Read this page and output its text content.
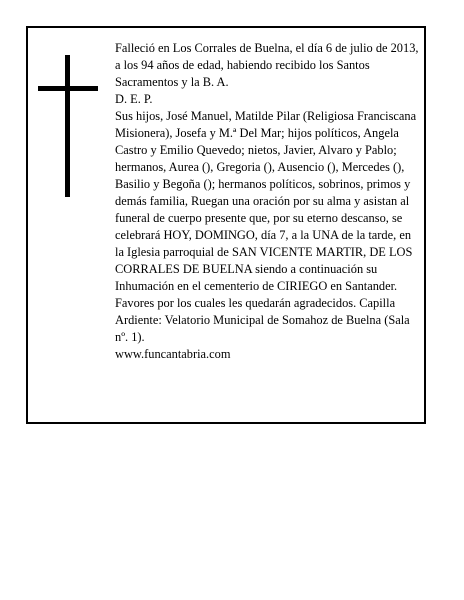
Falleció en Los Corrales de Buelna, el día 6 de julio de 2013, a los 94 años de edad, habiendo recibido los Santos Sacramentos y la B. A.

D. E. P.

Sus hijos, José Manuel, Matilde Pilar (Religiosa Franciscana Misionera), Josefa y M.ª Del Mar; hijos políticos, Angela Castro y Emilio Quevedo; nietos, Javier, Alvaro y Pablo; hermanos, Aurea (), Gregoria (), Ausencio (), Mercedes (), Basilio y Begoña (); hermanos políticos, sobrinos, primos y demás familia, Ruegan una oración por su alma y asistan al funeral de cuerpo presente que, por su eterno descanso, se celebrará HOY, DOMINGO, día 7, a la UNA de la tarde, en la Iglesia parroquial de SAN VICENTE MARTIR, DE LOS CORRALES DE BUELNA siendo a continuación su Inhumación en el cementerio de CIRIEGO en Santander. Favores por los cuales les quedarán agradecidos. Capilla Ardiente: Velatorio Municipal de Somahoz de Buelna (Sala nº. 1).

www.funcantabria.com
